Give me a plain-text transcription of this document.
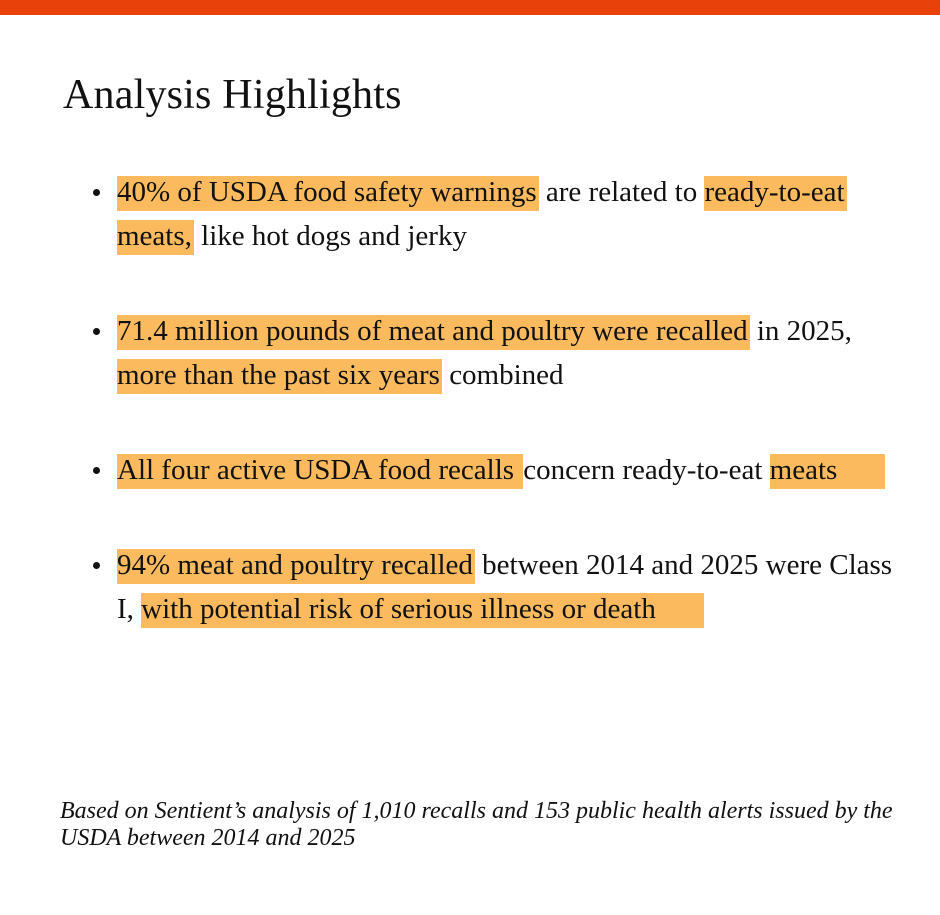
Analysis Highlights
40% of USDA food safety warnings are related to ready-to-eat meats, like hot dogs and jerky
71.4 million pounds of meat and poultry were recalled in 2025, more than the past six years combined
All four active USDA food recalls concern ready-to-eat meats
94% meat and poultry recalled between 2014 and 2025 were Class I, with potential risk of serious illness or death

Based on Sentient’s analysis of 1,010 recalls and 153 public health alerts issued by the USDA between 2014 and 2025
